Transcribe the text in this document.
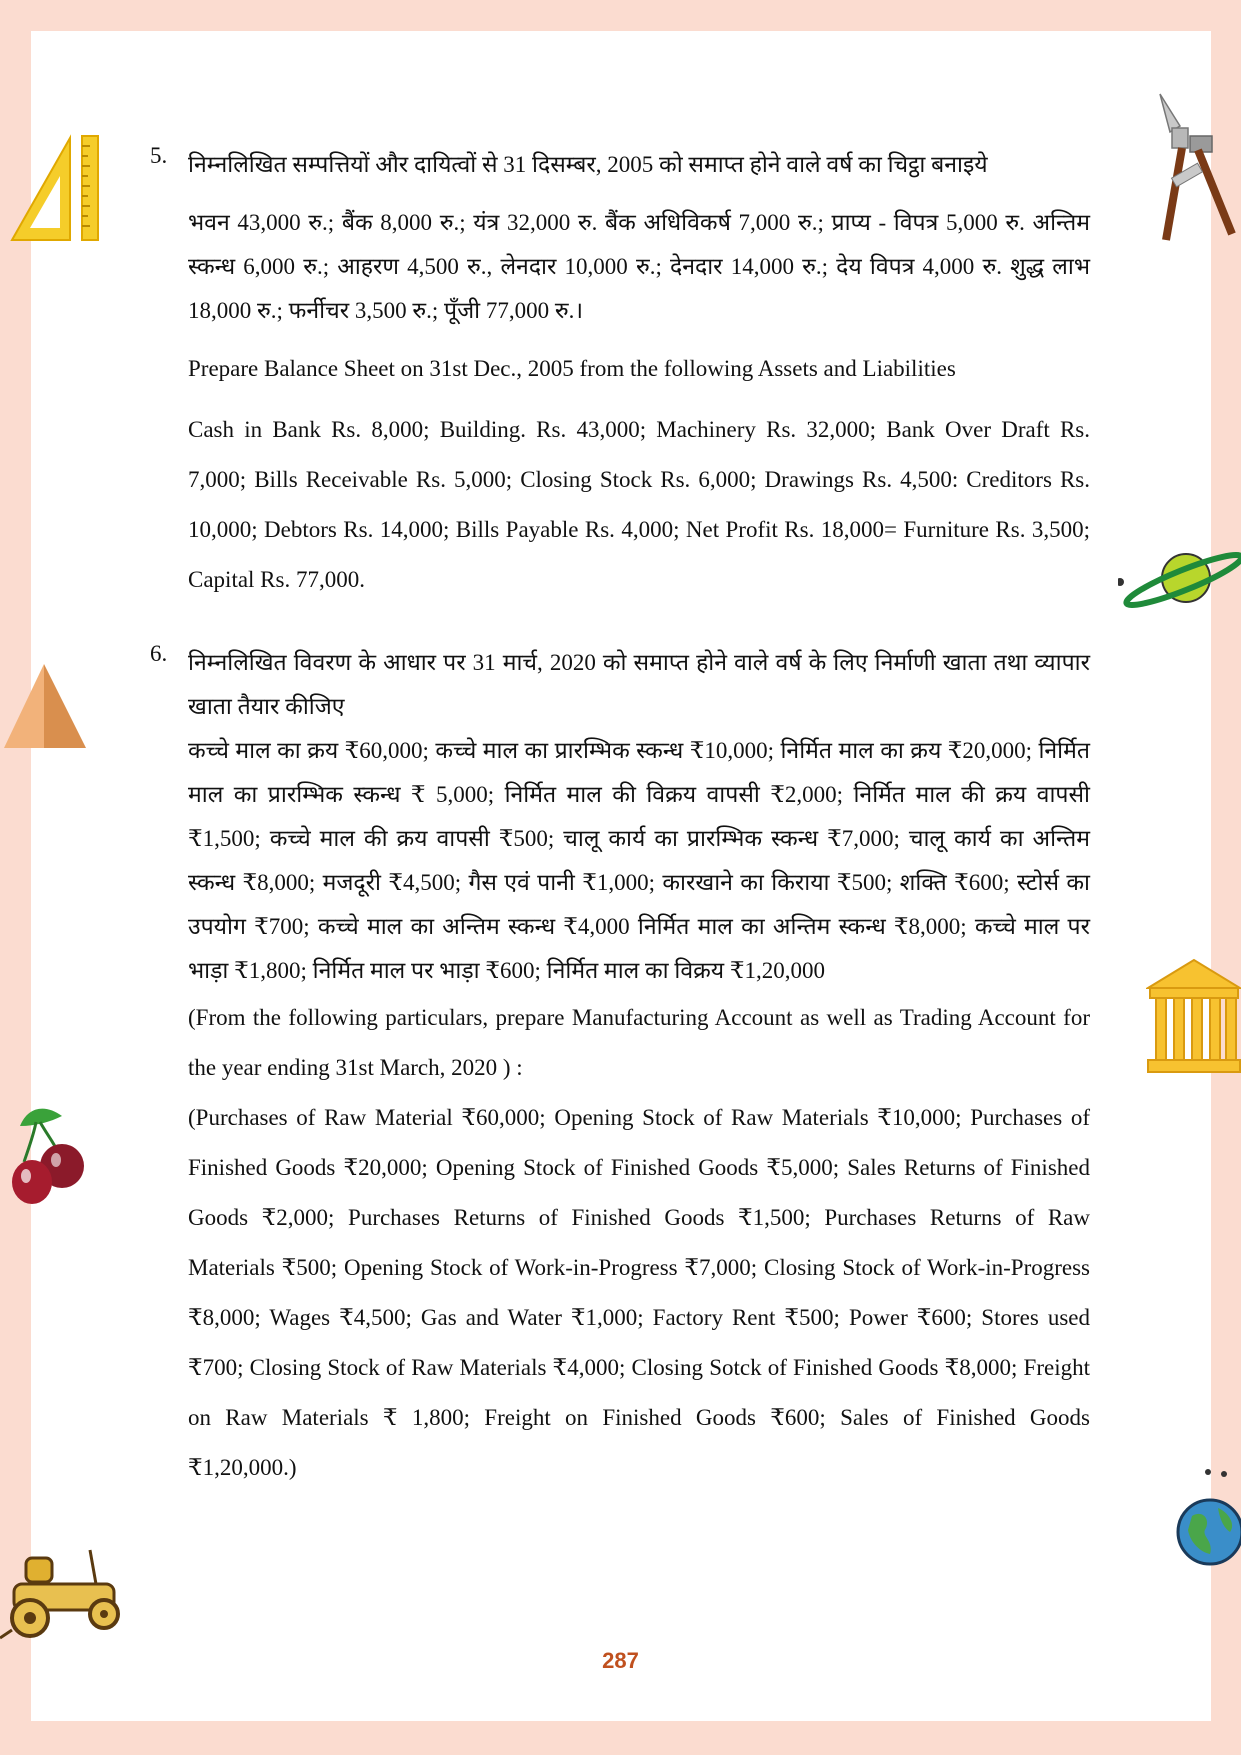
5. निम्नलिखित सम्पत्तियों और दायित्वों से 31 दिसम्बर, 2005 को समाप्त होने वाले वर्ष का चिट्ठा बनाइये

भवन 43,000 रु.; बैंक 8,000 रु.; यंत्र 32,000 रु. बैंक अधिविकर्ष 7,000 रु.; प्राप्य - विपत्र 5,000 रु. अन्तिम स्कन्ध 6,000 रु.; आहरण 4,500 रु., लेनदार 10,000 रु.; देनदार 14,000 रु.; देय विपत्र 4,000 रु. शुद्ध लाभ 18,000 रु.; फर्नीचर 3,500 रु.; पूँजी 77,000 रु.।

Prepare Balance Sheet on 31st Dec., 2005 from the following Assets and Liabilities

Cash in Bank Rs. 8,000; Building. Rs. 43,000; Machinery Rs. 32,000; Bank Over Draft Rs. 7,000; Bills Receivable Rs. 5,000; Closing Stock Rs. 6,000; Drawings Rs. 4,500: Creditors Rs. 10,000; Debtors Rs. 14,000; Bills Payable Rs. 4,000; Net Profit Rs. 18,000= Furniture Rs. 3,500; Capital Rs. 77,000.

6. निम्नलिखित विवरण के आधार पर 31 मार्च, 2020 को समाप्त होने वाले वर्ष के लिए निर्माणी खाता तथा व्यापार खाता तैयार कीजिए

कच्चे माल का क्रय ₹60,000; कच्चे माल का प्रारम्भिक स्कन्ध ₹10,000; निर्मित माल का क्रय ₹20,000; निर्मित माल का प्रारम्भिक स्कन्ध ₹ 5,000; निर्मित माल की विक्रय वापसी ₹2,000; निर्मित माल की क्रय वापसी ₹1,500; कच्चे माल की क्रय वापसी ₹500; चालू कार्य का प्रारम्भिक स्कन्ध ₹7,000; चालू कार्य का अन्तिम स्कन्ध ₹8,000; मजदूरी ₹4,500; गैस एवं पानी ₹1,000; कारखाने का किराया ₹500; शक्ति ₹600; स्टोर्स का उपयोग ₹700; कच्चे माल का अन्तिम स्कन्ध ₹4,000 निर्मित माल का अन्तिम स्कन्ध ₹8,000; कच्चे माल पर भाड़ा ₹1,800; निर्मित माल पर भाड़ा ₹600; निर्मित माल का विक्रय ₹1,20,000

(From the following particulars, prepare Manufacturing Account as well as Trading Account for the year ending 31st March, 2020 ) :

(Purchases of Raw Material ₹60,000; Opening Stock of Raw Materials ₹10,000; Purchases of Finished Goods ₹20,000; Opening Stock of Finished Goods ₹5,000; Sales Returns of Finished Goods ₹2,000; Purchases Returns of Finished Goods ₹1,500; Purchases Returns of Raw Materials ₹500; Opening Stock of Work-in-Progress ₹7,000; Closing Stock of Work-in-Progress ₹8,000; Wages ₹4,500; Gas and Water ₹1,000; Factory Rent ₹500; Power ₹600; Stores used ₹700; Closing Stock of Raw Materials ₹4,000; Closing Sotck of Finished Goods ₹8,000; Freight on Raw Materials ₹ 1,800; Freight on Finished Goods ₹600; Sales of Finished Goods ₹1,20,000.)

287
